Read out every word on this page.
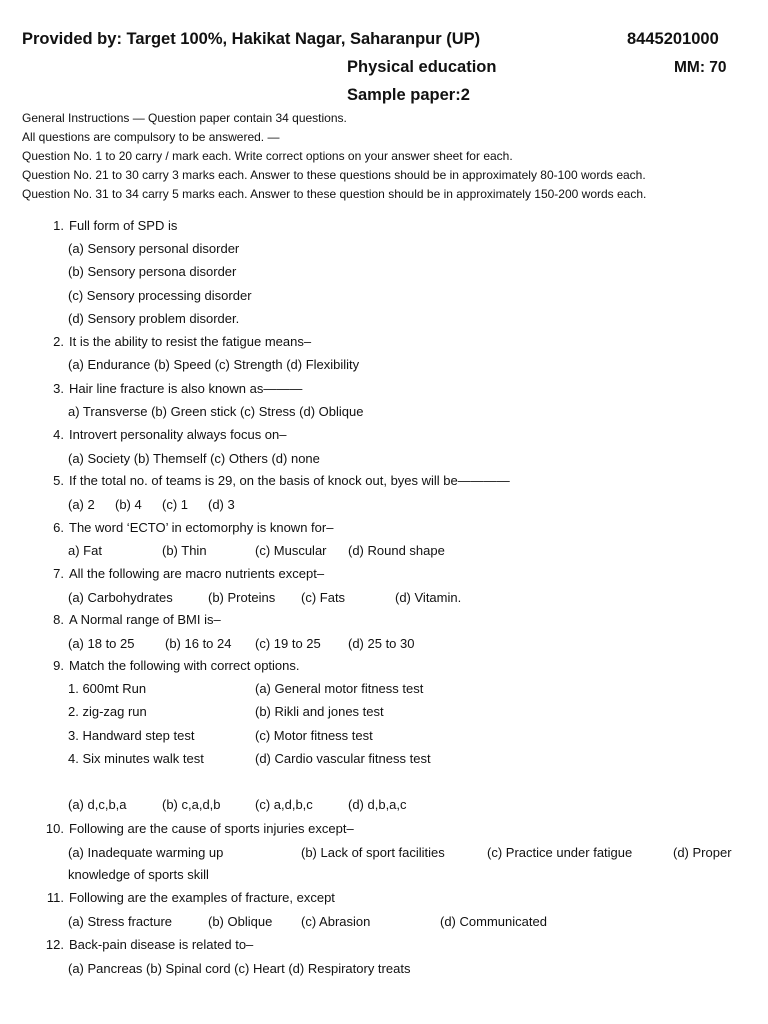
Provided by: Target 100%, Hakikat Nagar, Saharanpur (UP)	8445201000
Physical education	MM: 70
Sample paper:2
General Instructions — Question paper contain 34 questions.
All questions are compulsory to be answered. —
Question No. 1 to 20 carry / mark each. Write correct options on your answer sheet for each.
Question No. 21 to 30 carry 3 marks each. Answer to these questions should be in approximately 80-100 words each.
Question No. 31 to 34 carry 5 marks each. Answer to these question should be in approximately 150-200 words each.
1. Full form of SPD is
(a) Sensory personal disorder
(b) Sensory persona disorder
(c) Sensory processing disorder
(d) Sensory problem disorder.
2. It is the ability to resist the fatigue means–
(a) Endurance (b) Speed (c) Strength (d) Flexibility
3. Hair line fracture is also known as———
a) Transverse (b) Green stick (c) Stress (d) Oblique
4. Introvert personality always focus on–
(a) Society (b) Themself (c) Others (d) none
5. If the total no. of teams is 29, on the basis of knock out, byes will be————
(a) 2 (b) 4 (c) 1 (d) 3
6. The word ‘ECTO’ in ectomorphy is known for–
a) Fat	(b) Thin	(c) Muscular (d) Round shape
7. All the following are macro nutrients except–
(a) Carbohydrates	(b) Proteins (c) Fats	(d) Vitamin.
8. A Normal range of BMI is–
(a) 18 to 25 (b) 16 to 24 (c) 19 to 25 (d) 25 to 30
9. Match the following with correct options.
1. 600mt Run	(a) General motor fitness test
2. zig-zag run	(b) Rikli and jones test
3. Handward step test	(c) Motor fitness test
4. Six minutes walk test	(d) Cardio vascular fitness test
(a) d,c,b,a	(b) c,a,d,b	(c) a,d,b,c	(d) d,b,a,c
10. Following are the cause of sports injuries except–
(a) Inadequate warming up	(b) Lack of sport facilities	(c) Practice under fatigue	(d) Proper
knowledge of sports skill
11. Following are the examples of fracture, except
(a) Stress fracture	(b) Oblique (c) Abrasion	(d) Communicated
12. Back-pain disease is related to–
(a) Pancreas (b) Spinal cord (c) Heart (d) Respiratory treats
